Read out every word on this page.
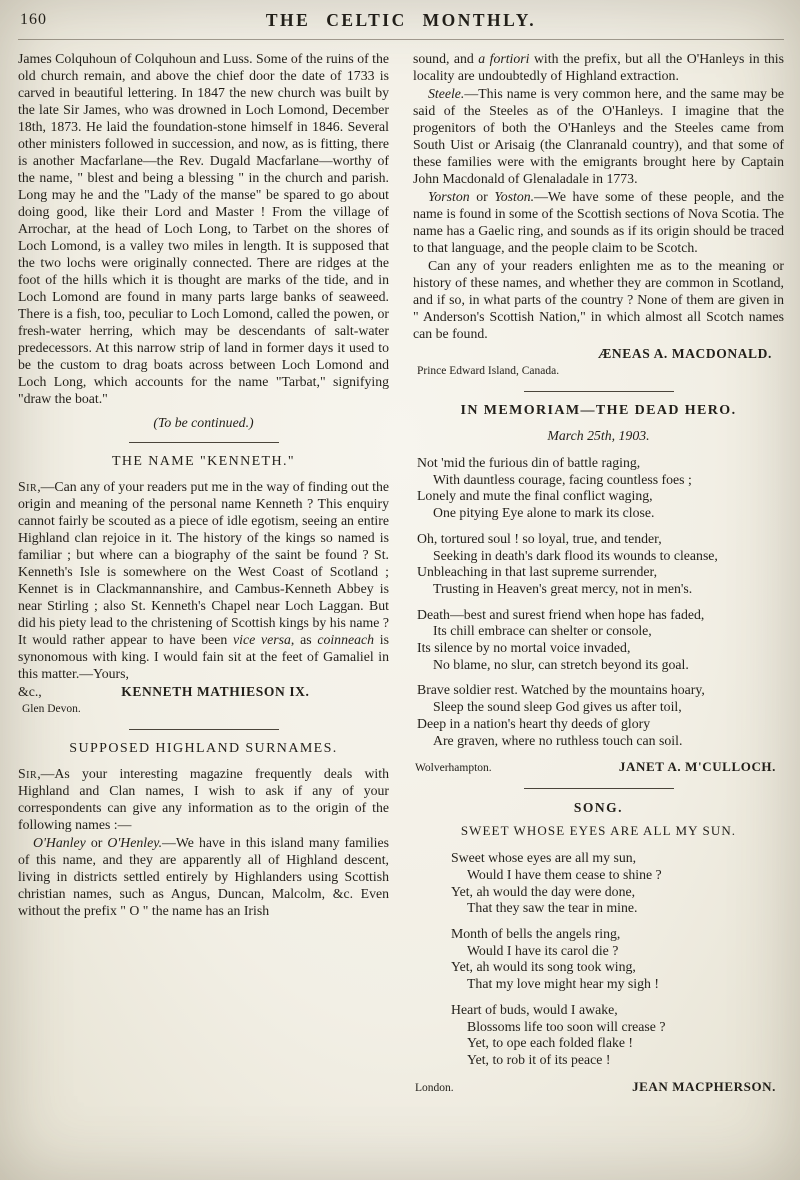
160	THE CELTIC MONTHLY.

James Colquhoun of Colquhoun and Luss. Some of the ruins of the old church remain, and above the chief door the date of 1733 is carved in beautiful lettering. In 1847 the new church was built by the late Sir James, who was drowned in Loch Lomond, December 18th, 1873. He laid the foundation-stone himself in 1846. Several other ministers followed in succession, and now, as is fitting, there is another Macfarlane—the Rev. Dugald Macfarlane—worthy of the name, " blest and being a blessing " in the church and parish. Long may he and the "Lady of the manse" be spared to go about doing good, like their Lord and Master ! From the village of Arrochar, at the head of Loch Long, to Tarbet on the shores of Loch Lomond, is a valley two miles in length. It is supposed that the two lochs were originally connected. There are ridges at the foot of the hills which it is thought are marks of the tide, and in Loch Lomond are found in many parts large banks of seaweed. There is a fish, too, peculiar to Loch Lomond, called the powen, or fresh-water herring, which may be descendants of salt-water predecessors. At this narrow strip of land in former days it used to be the custom to drag boats across between Loch Lomond and Loch Long, which accounts for the name "Tarbat," signifying "draw the boat."

(To be continued.)

THE NAME "KENNETH."

Sir,—Can any of your readers put me in the way of finding out the origin and meaning of the personal name Kenneth ? This enquiry cannot fairly be scouted as a piece of idle egotism, seeing an entire Highland clan rejoice in it. The history of the kings so named is familiar ; but where can a biography of the saint be found ? St. Kenneth's Isle is somewhere on the West Coast of Scotland ; Kennet is in Clackmannanshire, and Cambus-Kenneth Abbey is near Stirling ; also St. Kenneth's Chapel near Loch Laggan. But did his piety lead to the christening of Scottish kings by his name ? It would rather appear to have been vice versa, as coinneach is synonomous with king. I would fain sit at the feet of Gamaliel in this matter.—Yours,

&c.,	KENNETH MATHIESON IX.

Glen Devon.

SUPPOSED HIGHLAND SURNAMES.

Sir,—As your interesting magazine frequently deals with Highland and Clan names, I wish to ask if any of your correspondents can give any information as to the origin of the following names :—

O'Hanley or O'Henley.—We have in this island many families of this name, and they are apparently all of Highland descent, living in districts settled entirely by Highlanders using Scottish christian names, such as Angus, Duncan, Malcolm, &c. Even without the prefix " O " the name has an Irish

sound, and a fortiori with the prefix, but all the O'Hanleys in this locality are undoubtedly of Highland extraction.

Steele.—This name is very common here, and the same may be said of the Steeles as of the O'Hanleys. I imagine that the progenitors of both the O'Hanleys and the Steeles came from South Uist or Arisaig (the Clanranald country), and that some of these families were with the emigrants brought here by Captain John Macdonald of Glenaladale in 1773.

Yorston or Yoston.—We have some of these people, and the name is found in some of the Scottish sections of Nova Scotia. The name has a Gaelic ring, and sounds as if its origin should be traced to that language, and the people claim to be Scotch.

Can any of your readers enlighten me as to the meaning or history of these names, and whether they are common in Scotland, and if so, in what parts of the country ? None of them are given in " Anderson's Scottish Nation," in which almost all Scotch names can be found.

ÆNEAS A. MACDONALD.

Prince Edward Island, Canada.

IN MEMORIAM—THE DEAD HERO.

March 25th, 1903.

Not 'mid the furious din of battle raging,
With dauntless courage, facing countless foes ;
Lonely and mute the final conflict waging,
One pitying Eye alone to mark its close.
Oh, tortured soul ! so loyal, true, and tender,
Seeking in death's dark flood its wounds to cleanse,
Unbleaching in that last supreme surrender,
Trusting in Heaven's great mercy, not in men's.
Death—best and surest friend when hope has faded,
Its chill embrace can shelter or console,
Its silence by no mortal voice invaded,
No blame, no slur, can stretch beyond its goal.
Brave soldier rest. Watched by the mountains hoary,
Sleep the sound sleep God gives us after toil,
Deep in a nation's heart thy deeds of glory
Are graven, where no ruthless touch can soil.
Wolverhampton.	JANET A. M'CULLOCH.
SONG.

SWEET WHOSE EYES ARE ALL MY SUN.

Sweet whose eyes are all my sun,
Would I have them cease to shine ?
Yet, ah would the day were done,
That they saw the tear in mine.
Month of bells the angels ring,
Would I have its carol die ?
Yet, ah would its song took wing,
That my love might hear my sigh !
Heart of buds, would I awake,
Blossoms life too soon will crease ?
Yet, to ope each folded flake !
Yet, to rob it of its peace !
London.	JEAN MACPHERSON.
